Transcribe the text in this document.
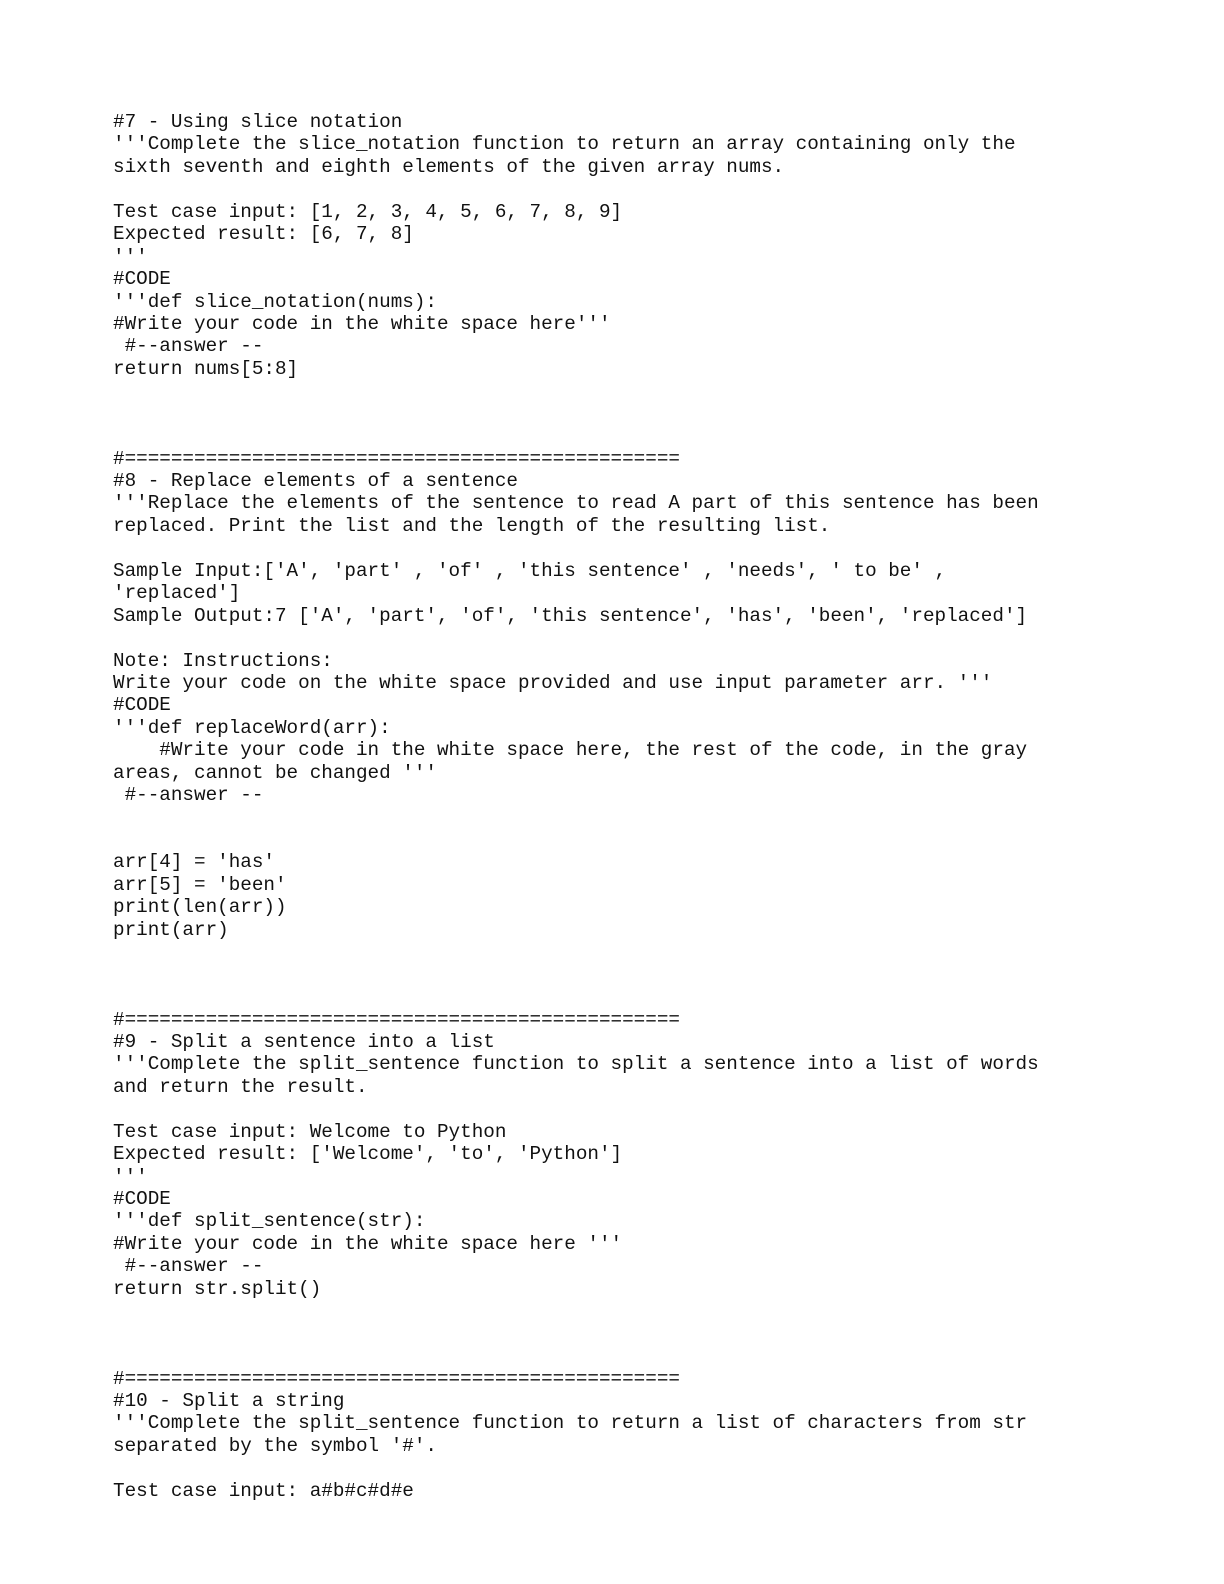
#7 - Using slice notation
'''Complete the slice_notation function to return an array containing only the
sixth seventh and eighth elements of the given array nums.
Test case input: [1, 2, 3, 4, 5, 6, 7, 8, 9]
Expected result: [6, 7, 8]
'''
#CODE
'''def slice_notation(nums):
#Write your code in the white space here'''
#--answer --
return nums[5:8]
#================================================
#8 - Replace elements of a sentence
'''Replace the elements of the sentence to read A part of this sentence has been
replaced. Print the list and the length of the resulting list.
Sample Input:['A', 'part' , 'of' , 'this sentence' , 'needs', ' to be' ,
'replaced']
Sample Output:7 ['A', 'part', 'of', 'this sentence', 'has', 'been', 'replaced']
Note: Instructions:
Write your code on the white space provided and use input parameter arr. '''
#CODE
'''def replaceWord(arr):
#Write your code in the white space here, the rest of the code, in the gray
areas, cannot be changed '''
#--answer --
arr[4] = 'has'
arr[5] = 'been'
print(len(arr))
print(arr)
#================================================
#9 - Split a sentence into a list
'''Complete the split_sentence function to split a sentence into a list of words
and return the result.
Test case input: Welcome to Python
Expected result: ['Welcome', 'to', 'Python']
'''
#CODE
'''def split_sentence(str):
#Write your code in the white space here '''
#--answer --
return str.split()
#================================================
#10 - Split a string
'''Complete the split_sentence function to return a list of characters from str
separated by the symbol '#'.
Test case input: a#b#c#d#e
